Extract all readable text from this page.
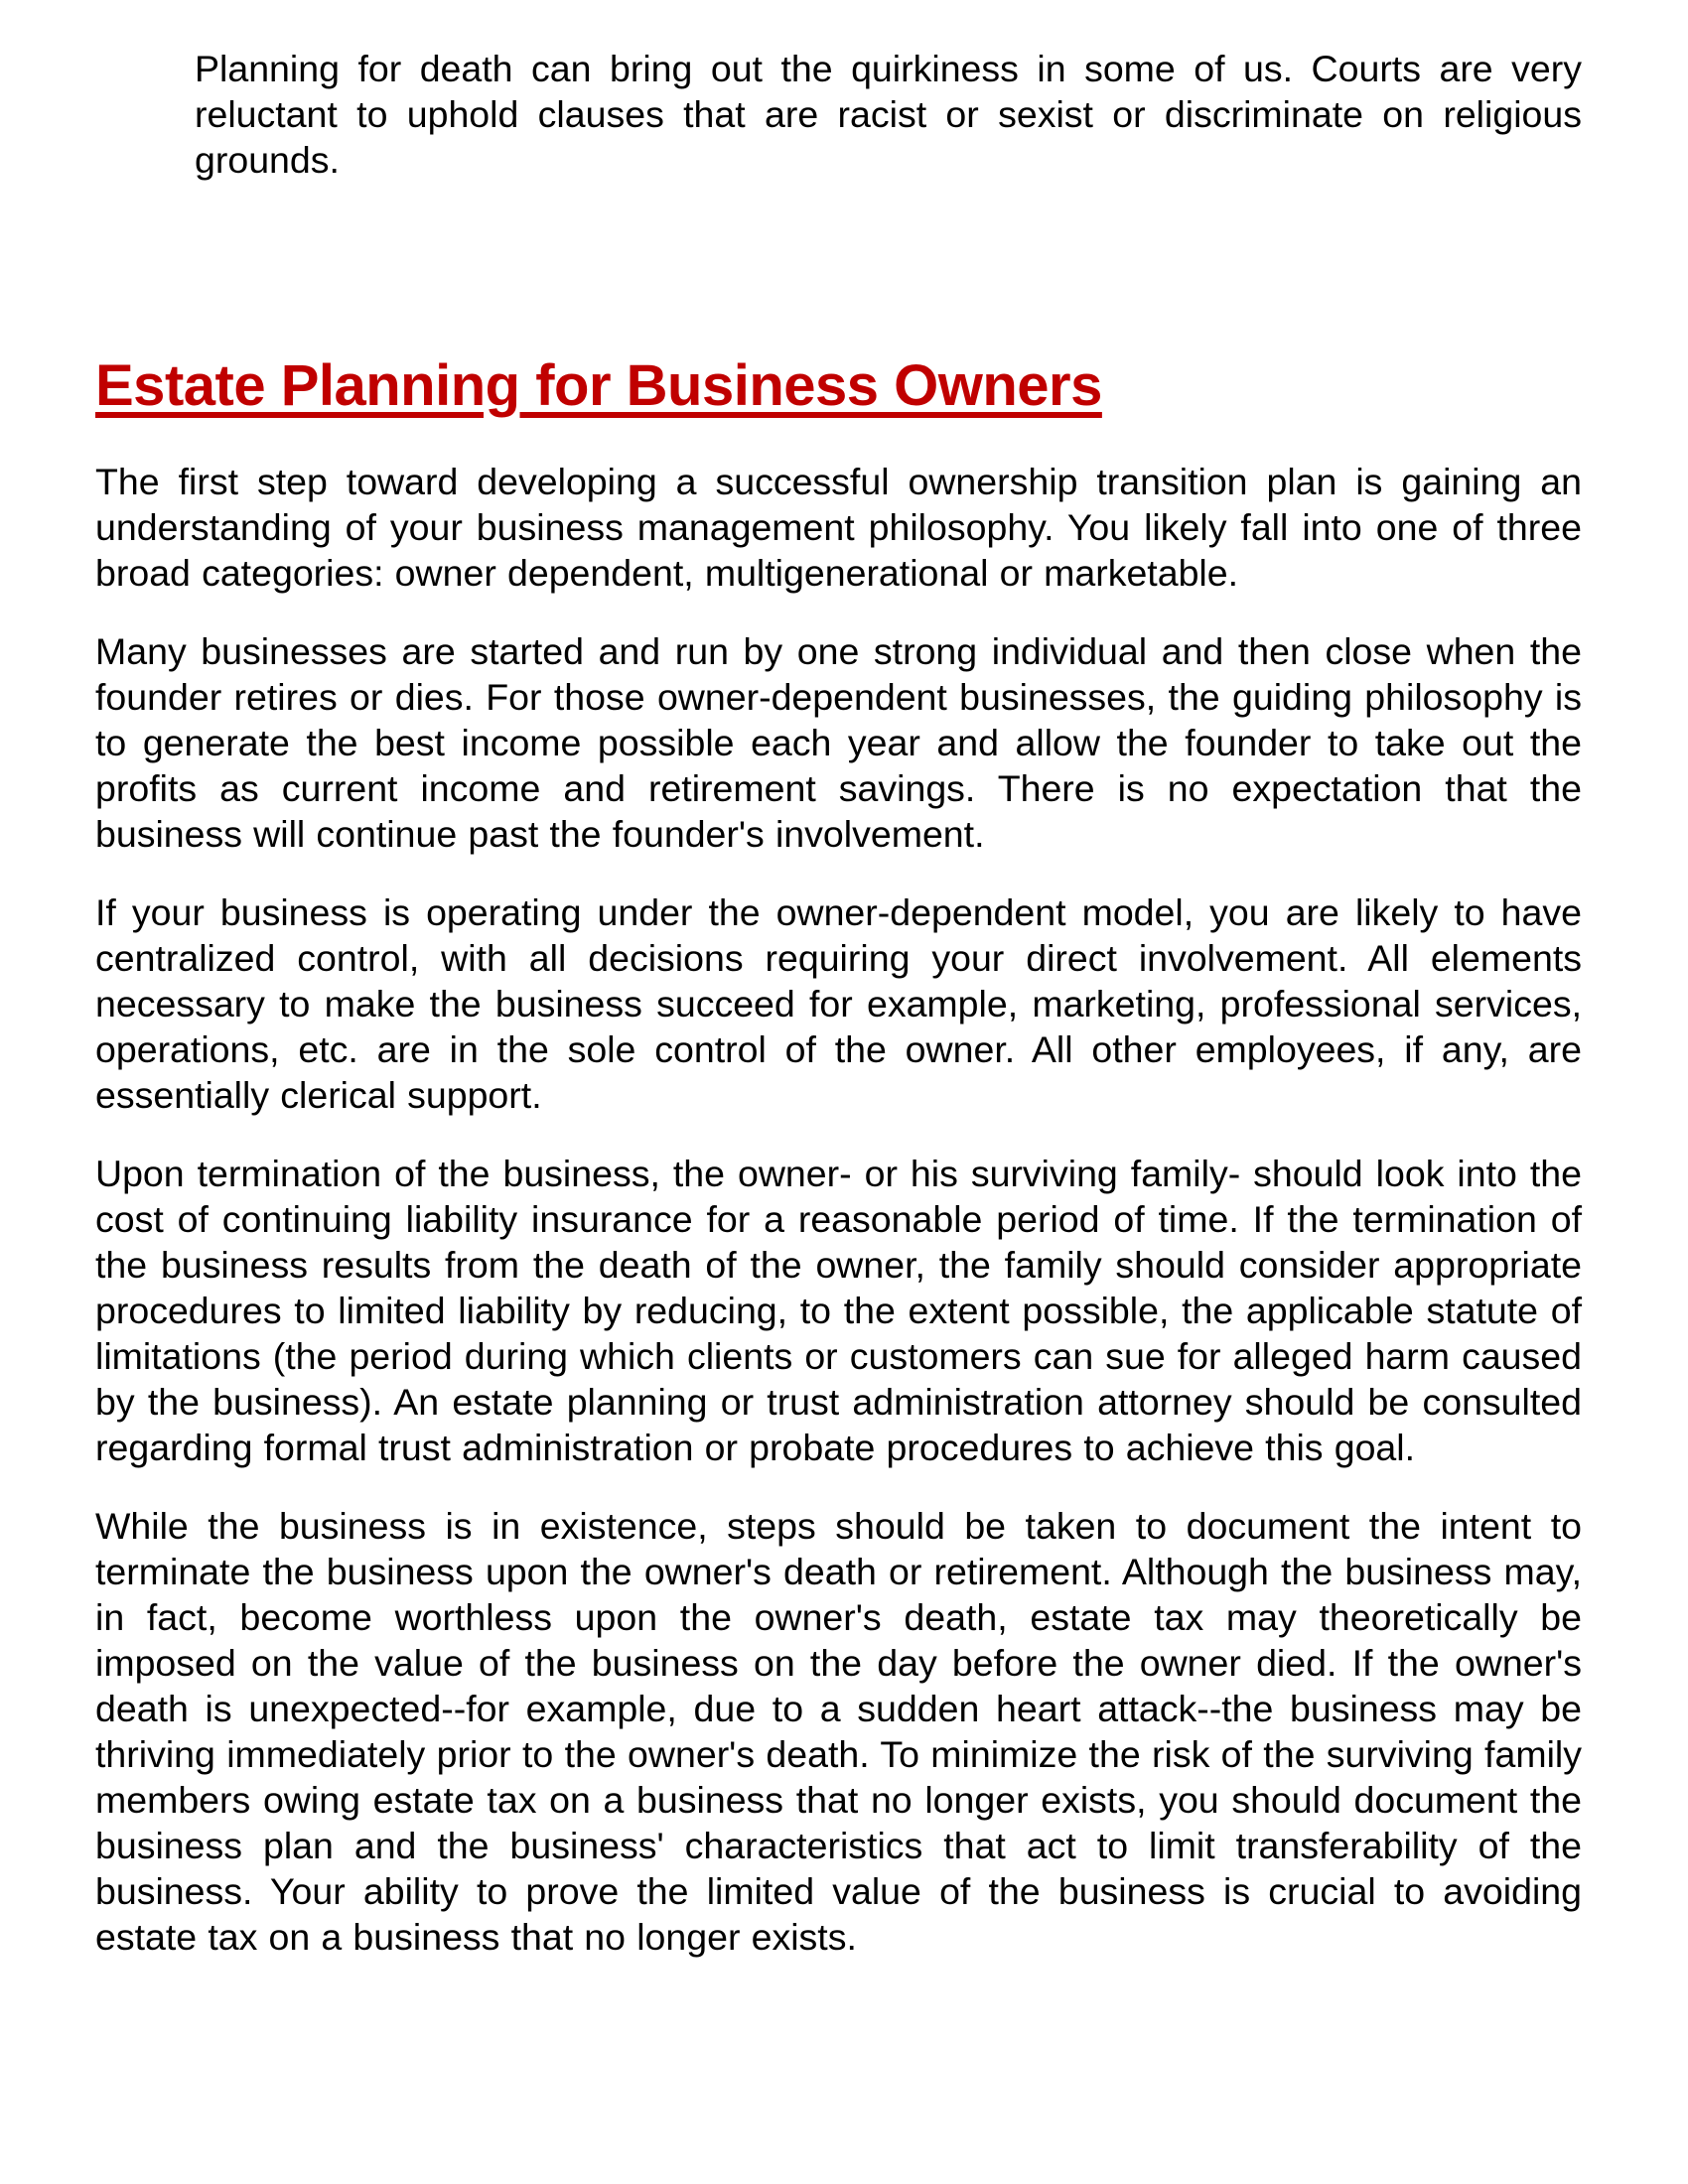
Planning for death can bring out the quirkiness in some of us. Courts are very
reluctant to uphold clauses that are racist or sexist or discriminate on religious
grounds.
Estate Planning for Business Owners
The first step toward developing a successful ownership transition plan is gaining an
understanding of your business management philosophy. You likely fall into one of three
broad categories: owner dependent, multigenerational or marketable.
Many businesses are started and run by one strong individual and then close when the
founder retires or dies. For those owner-dependent businesses, the guiding philosophy is
to generate the best income possible each year and allow the founder to take out the
profits as current income and retirement savings. There is no expectation that the
business will continue past the founder's involvement.
If your business is operating under the owner-dependent model, you are likely to have
centralized control, with all decisions requiring your direct involvement. All elements
necessary to make the business succeed for example, marketing, professional services,
operations, etc. are in the sole control of the owner. All other employees, if any, are
essentially clerical support.
Upon termination of the business, the owner- or his surviving family- should look into the
cost of continuing liability insurance for a reasonable period of time. If the termination of
the business results from the death of the owner, the family should consider appropriate
procedures to limited liability by reducing, to the extent possible, the applicable statute of
limitations (the period during which clients or customers can sue for alleged harm caused
by the business). An estate planning or trust administration attorney should be consulted
regarding formal trust administration or probate procedures to achieve this goal.
While the business is in existence, steps should be taken to document the intent to
terminate the business upon the owner's death or retirement. Although the business may,
in fact, become worthless upon the owner's death, estate tax may theoretically be
imposed on the value of the business on the day before the owner died. If the owner's
death is unexpected--for example, due to a sudden heart attack--the business may be
thriving immediately prior to the owner's death. To minimize the risk of the surviving family
members owing estate tax on a business that no longer exists, you should document the
business plan and the business' characteristics that act to limit transferability of the
business. Your ability to prove the limited value of the business is crucial to avoiding
estate tax on a business that no longer exists.
